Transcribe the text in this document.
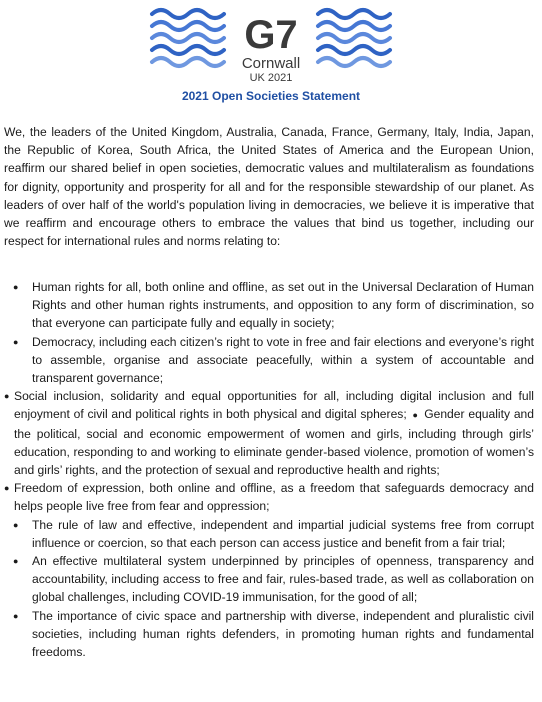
G7
Cornwall
UK 2021
2021 Open Societies Statement

We, the leaders of the United Kingdom, Australia, Canada, France, Germany, Italy, India, Japan, the Republic of Korea, South Africa, the United States of America and the European Union, reaffirm our shared belief in open societies, democratic values and multilateralism as foundations for dignity, opportunity and prosperity for all and for the responsible stewardship of our planet. As leaders of over half of the world's population living in democracies, we believe it is imperative that we reaffirm and encourage others to embrace the values that bind us together, including our respect for international rules and norms relating to:

● Human rights for all, both online and offline, as set out in the Universal Declaration of Human Rights and other human rights instruments, and opposition to any form of discrimination, so that everyone can participate fully and equally in society;
● Democracy, including each citizen’s right to vote in free and fair elections and everyone’s right to assemble, organise and associate peacefully, within a system of accountable and transparent governance;
● Social inclusion, solidarity and equal opportunities for all, including digital inclusion and full enjoyment of civil and political rights in both physical and digital spheres; ● Gender equality and the political, social and economic empowerment of women and girls, including through girls’ education, responding to and working to eliminate gender-based violence, promotion of women’s and girls’ rights, and the protection of sexual and reproductive health and rights;
● Freedom of expression, both online and offline, as a freedom that safeguards democracy and helps people live free from fear and oppression;
● The rule of law and effective, independent and impartial judicial systems free from corrupt influence or coercion, so that each person can access justice and benefit from a fair trial;
● An effective multilateral system underpinned by principles of openness, transparency and accountability, including access to free and fair, rules-based trade, as well as collaboration on global challenges, including COVID-19 immunisation, for the good of all;
● The importance of civic space and partnership with diverse, independent and pluralistic civil societies, including human rights defenders, in promoting human rights and fundamental freedoms.
